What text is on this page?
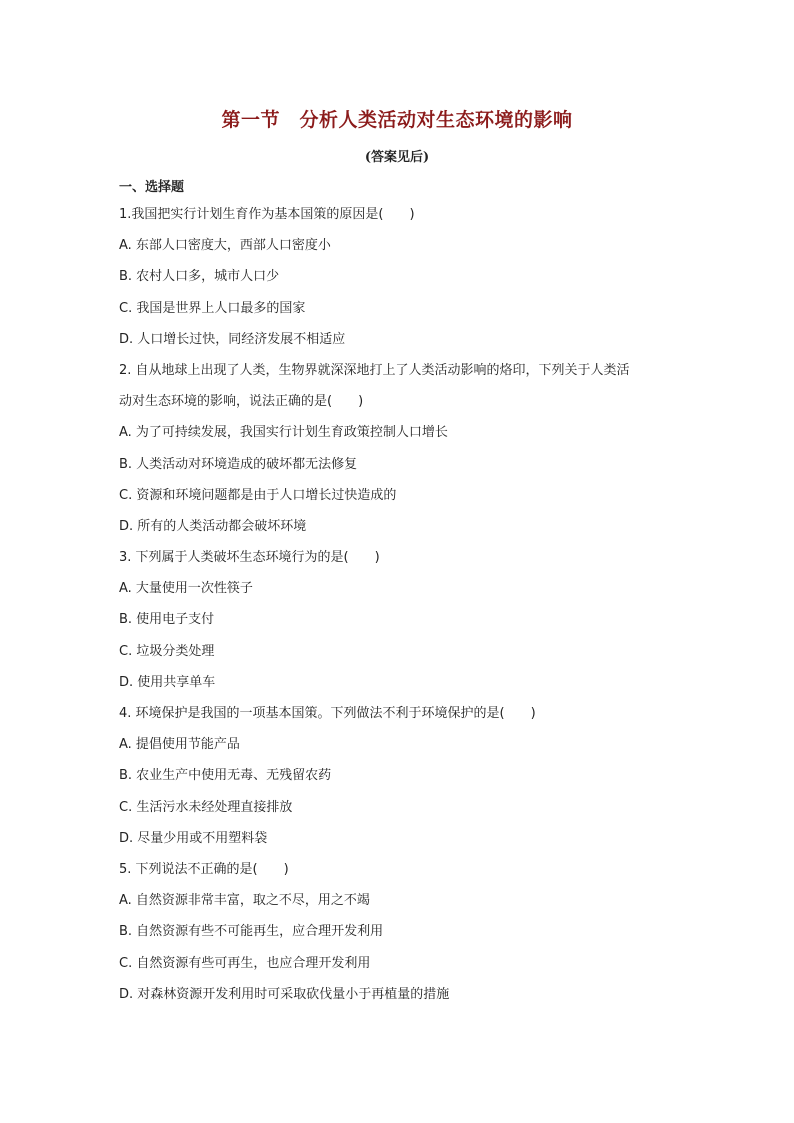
第一节　分析人类活动对生态环境的影响
(答案见后)
一、选择题
1.我国把实行计划生育作为基本国策的原因是(　　)
A. 东部人口密度大，西部人口密度小
B. 农村人口多，城市人口少
C. 我国是世界上人口最多的国家
D. 人口增长过快，同经济发展不相适应
2. 自从地球上出现了人类，生物界就深深地打上了人类活动影响的烙印，下列关于人类活
动对生态环境的影响，说法正确的是(　　)
A. 为了可持续发展，我国实行计划生育政策控制人口增长
B. 人类活动对环境造成的破坏都无法修复
C. 资源和环境问题都是由于人口增长过快造成的
D. 所有的人类活动都会破坏环境
3. 下列属于人类破坏生态环境行为的是(　　)
A. 大量使用一次性筷子
B. 使用电子支付
C. 垃圾分类处理
D. 使用共享单车
4. 环境保护是我国的一项基本国策。下列做法不利于环境保护的是(　　)
A. 提倡使用节能产品
B. 农业生产中使用无毒、无残留农药
C. 生活污水未经处理直接排放
D. 尽量少用或不用塑料袋
5. 下列说法不正确的是(　　)
A. 自然资源非常丰富，取之不尽，用之不竭
B. 自然资源有些不可能再生，应合理开发利用
C. 自然资源有些可再生，也应合理开发利用
D. 对森林资源开发利用时可采取砍伐量小于再植量的措施
